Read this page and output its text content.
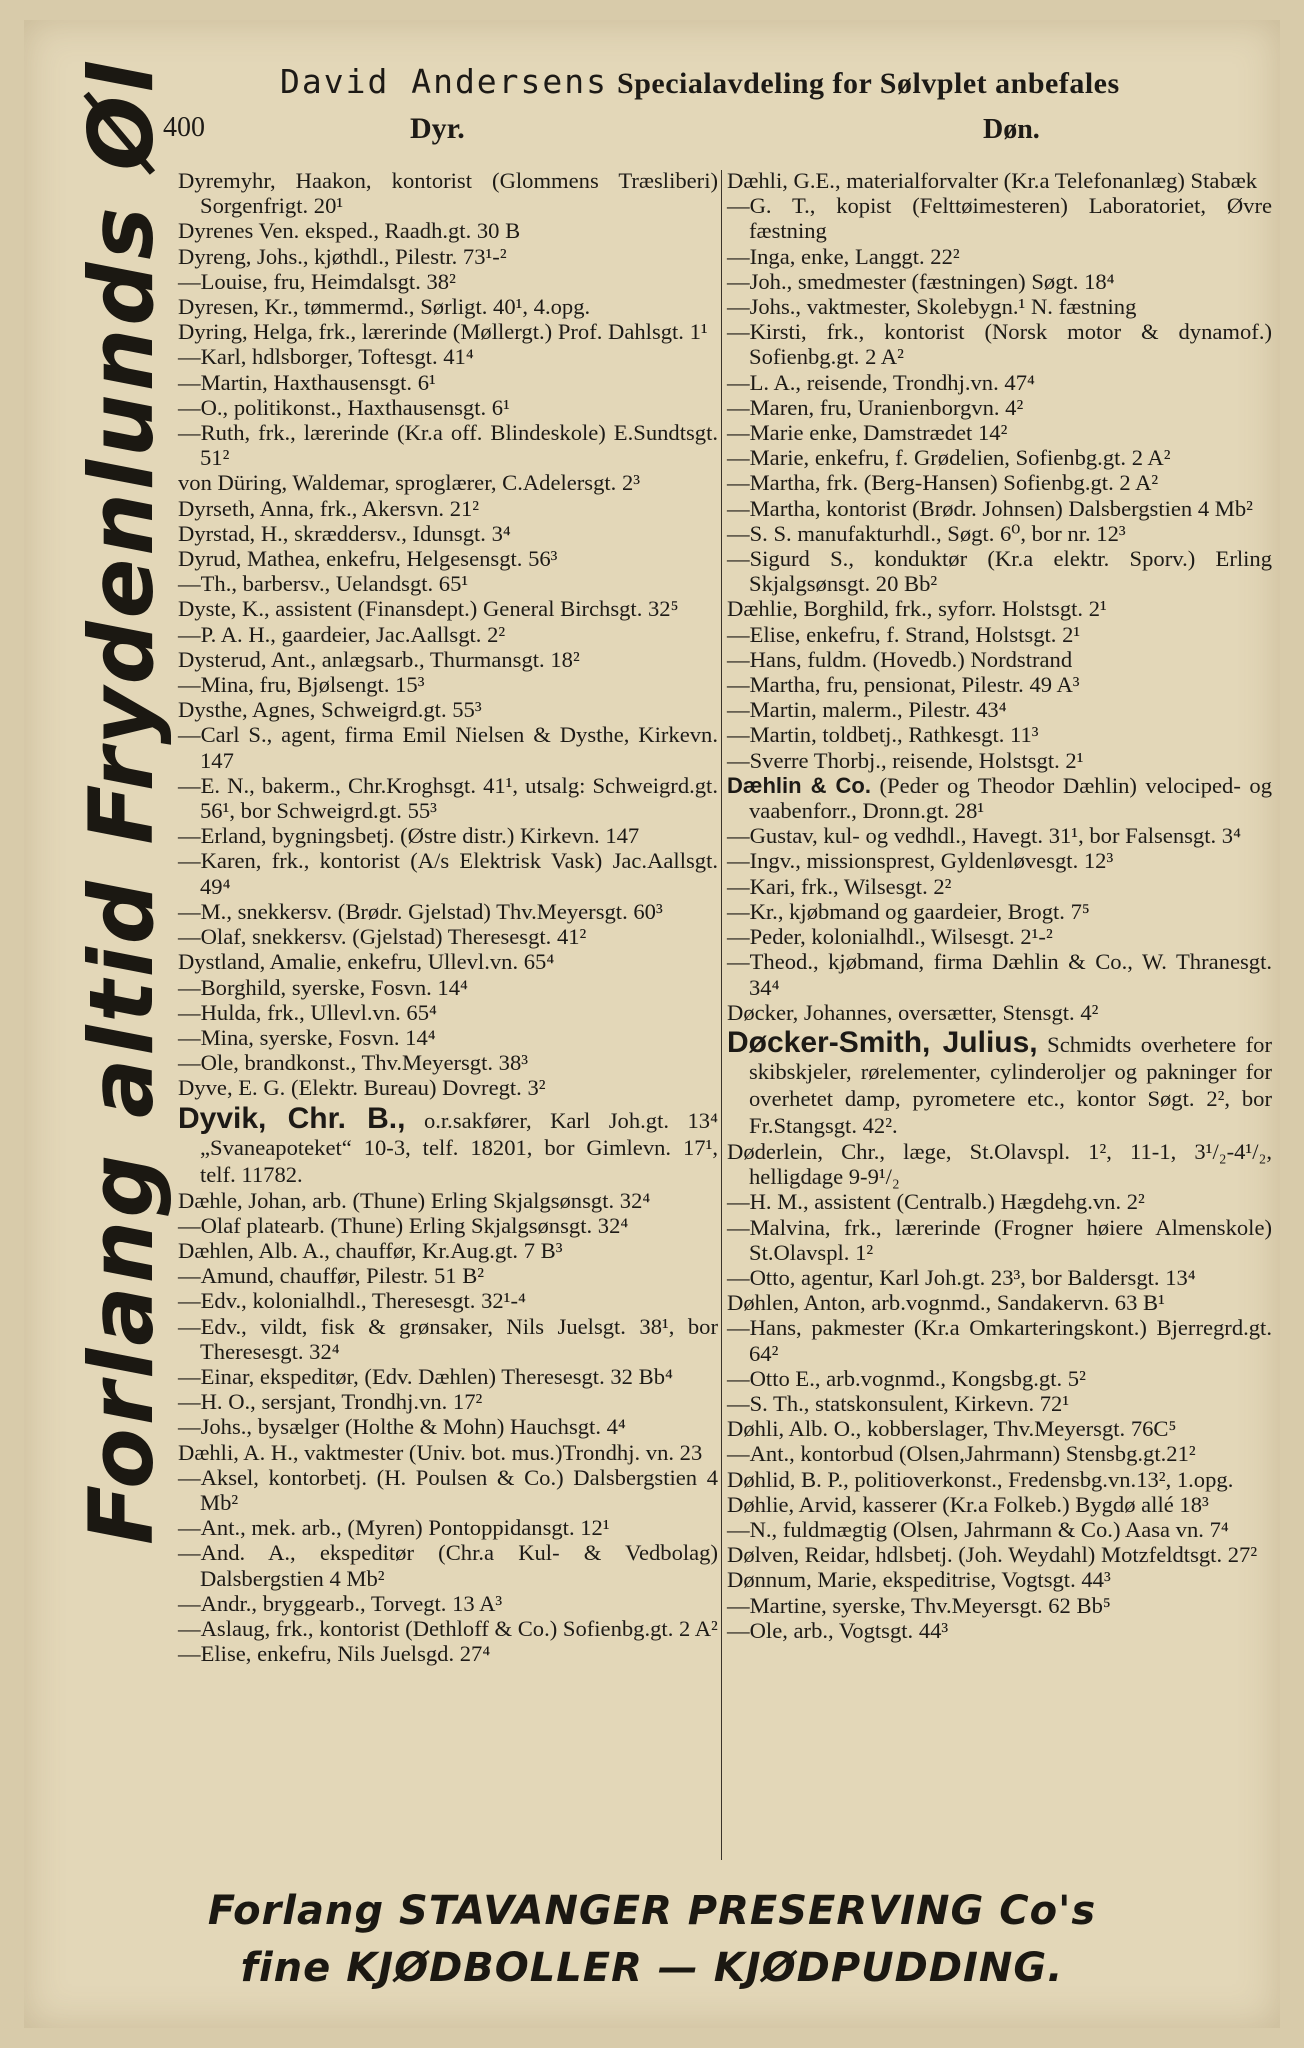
David Andersens Specialavdeling for Sølvplet anbefales
400	Dyr.	Døn.
Forlang altid Frydenlunds Øl Dyremyhr, Haakon, kontorist (Glommens Træsliberi) Sorgenfrigt. 20¹
Dyrenes Ven. eksped., Raadh.gt. 30 B
Dyreng, Johs., kjøthdl., Pilestr. 73¹-²
—Louise, fru, Heimdalsgt. 38²
Dyresen, Kr., tømmermd., Sørligt. 40¹, 4.opg.
Dyring, Helga, frk., lærerinde (Møllergt.) Prof. Dahlsgt. 1¹
—Karl, hdlsborger, Toftesgt. 41⁴
—Martin, Haxthausensgt. 6¹
—O., politikonst., Haxthausensgt. 6¹
—Ruth, frk., lærerinde (Kr.a off. Blindeskole) E.Sundtsgt. 51²
von Düring, Waldemar, sproglærer, C.Adelersgt. 2³
Dyrseth, Anna, frk., Akersvn. 21²
Dyrstad, H., skræddersv., Idunsgt. 3⁴
Dyrud, Mathea, enkefru, Helgesensgt. 56³
—Th., barbersv., Uelandsgt. 65¹
Dyste, K., assistent (Finansdept.) General Birchsgt. 32⁵
—P. A. H., gaardeier, Jac.Aallsgt. 2²
Dysterud, Ant., anlægsarb., Thurmansgt. 18²
—Mina, fru, Bjølsengt. 15³
Dysthe, Agnes, Schweigrd.gt. 55³
—Carl S., agent, firma Emil Nielsen & Dysthe, Kirkevn. 147
—E. N., bakerm., Chr.Kroghsgt. 41¹, utsalg: Schweigrd.gt. 56¹, bor Schweigrd.gt. 55³
—Erland, bygningsbetj. (Østre distr.) Kirkevn. 147
—Karen, frk., kontorist (A/s Elektrisk Vask) Jac.Aallsgt. 49⁴
—M., snekkersv. (Brødr. Gjelstad) Thv.Meyersgt. 60³
—Olaf, snekkersv. (Gjelstad) Theresesgt. 41²
Dystland, Amalie, enkefru, Ullevl.vn. 65⁴
—Borghild, syerske, Fosvn. 14⁴
—Hulda, frk., Ullevl.vn. 65⁴
—Mina, syerske, Fosvn. 14⁴
—Ole, brandkonst., Thv.Meyersgt. 38³
Dyve, E. G. (Elektr. Bureau) Dovregt. 3²
Dyvik, Chr. B., o.r.sakfører, Karl Joh.gt. 13⁴ „Svaneapoteket“ 10-3, telf. 18201, bor Gimlevn. 17¹, telf. 11782.
Dæhle, Johan, arb. (Thune) Erling Skjalgsønsgt. 32⁴
—Olaf platearb. (Thune) Erling Skjalgsønsgt. 32⁴
Dæhlen, Alb. A., chauffør, Kr.Aug.gt. 7 B³
—Amund, chauffør, Pilestr. 51 B²
—Edv., kolonialhdl., Theresesgt. 32¹-⁴
—Edv., vildt, fisk & grønsaker, Nils Juelsgt. 38¹, bor Theresesgt. 32⁴
—Einar, ekspeditør, (Edv. Dæhlen) Theresesgt. 32 Bb⁴
—H. O., sersjant, Trondhj.vn. 17²
—Johs., bysælger (Holthe & Mohn) Hauchsgt. 4⁴
Dæhli, A. H., vaktmester (Univ. bot. mus.)Trondhj. vn. 23
—Aksel, kontorbetj. (H. Poulsen & Co.) Dalsbergstien 4 Mb²
—Ant., mek. arb., (Myren) Pontoppidansgt. 12¹
—And. A., ekspeditør (Chr.a Kul- & Vedbolag) Dalsbergstien 4 Mb²
—Andr., bryggearb., Torvegt. 13 A³
—Aslaug, frk., kontorist (Dethloff & Co.) Sofienbg.gt. 2 A²
—Elise, enkefru, Nils Juelsgd. 27⁴
Dæhli, G.E., materialforvalter (Kr.a Telefonanlæg) Stabæk
—G. T., kopist (Felttøimesteren) Laboratoriet, Øvre fæstning
—Inga, enke, Langgt. 22²
—Joh., smedmester (fæstningen) Søgt. 18⁴
—Johs., vaktmester, Skolebygn.¹ N. fæstning
—Kirsti, frk., kontorist (Norsk motor & dynamof.) Sofienbg.gt. 2 A²
—L. A., reisende, Trondhj.vn. 47⁴
—Maren, fru, Uranienborgvn. 4²
—Marie enke, Damstrædet 14²
—Marie, enkefru, f. Grødelien, Sofienbg.gt. 2 A²
—Martha, frk. (Berg-Hansen) Sofienbg.gt. 2 A²
—Martha, kontorist (Brødr. Johnsen) Dalsbergstien 4 Mb²
—S. S. manufakturhdl., Søgt. 6⁰, bor nr. 12³
—Sigurd S., konduktør (Kr.a elektr. Sporv.) Erling Skjalgsønsgt. 20 Bb²
Dæhlie, Borghild, frk., syforr. Holstsgt. 2¹
—Elise, enkefru, f. Strand, Holstsgt. 2¹
—Hans, fuldm. (Hovedb.) Nordstrand
—Martha, fru, pensionat, Pilestr. 49 A³
—Martin, malerm., Pilestr. 43⁴
—Martin, toldbetj., Rathkesgt. 11³
—Sverre Thorbj., reisende, Holstsgt. 2¹
Dæhlin & Co. (Peder og Theodor Dæhlin) velociped- og vaabenforr., Dronn.gt. 28¹
—Gustav, kul- og vedhdl., Havegt. 31¹, bor Falsensgt. 3⁴
—Ingv., missionsprest, Gyldenløvesgt. 12³
—Kari, frk., Wilsesgt. 2²
—Kr., kjøbmand og gaardeier, Brogt. 7⁵
—Peder, kolonialhdl., Wilsesgt. 2¹-²
—Theod., kjøbmand, firma Dæhlin & Co., W. Thranesgt. 34⁴
Døcker, Johannes, oversætter, Stensgt. 4²
Døcker-Smith, Julius, Schmidts overhetere for skibskjeler, rørelementer, cylinderoljer og pakninger for overhetet damp, pyrometere etc., kontor Søgt. 2², bor Fr.Stangsgt. 42².
Døderlein, Chr., læge, St.Olavspl. 1², 11-1, 3¹/₂-4¹/₂, helligdage 9-9¹/₂
—H. M., assistent (Centralb.) Hægdehg.vn. 2²
—Malvina, frk., lærerinde (Frogner høiere Almenskole) St.Olavspl. 1²
—Otto, agentur, Karl Joh.gt. 23³, bor Baldersgt. 13⁴
Døhlen, Anton, arb.vognmd., Sandakervn. 63 B¹
—Hans, pakmester (Kr.a Omkarteringskont.) Bjerregrd.gt. 64²
—Otto E., arb.vognmd., Kongsbg.gt. 5²
—S. Th., statskonsulent, Kirkevn. 72¹
Døhli, Alb. O., kobberslager, Thv.Meyersgt. 76C⁵
—Ant., kontorbud (Olsen,Jahrmann) Stensbg.gt.21²
Døhlid, B. P., politioverkonst., Fredensbg.vn.13², 1.opg.
Døhlie, Arvid, kasserer (Kr.a Folkeb.) Bygdø allé 18³
—N., fuldmægtig (Olsen, Jahrmann & Co.) Aasa vn. 7⁴
Dølven, Reidar, hdlsbetj. (Joh. Weydahl) Motzfeldtsgt. 27²
Dønnum, Marie, ekspeditrise, Vogtsgt. 44³
—Martine, syerske, Thv.Meyersgt. 62 Bb⁵
—Ole, arb., Vogtsgt. 44³
Forlang STAVANGER PRESERVING Co's
fine KJØDBOLLER — KJØDPUDDING.
